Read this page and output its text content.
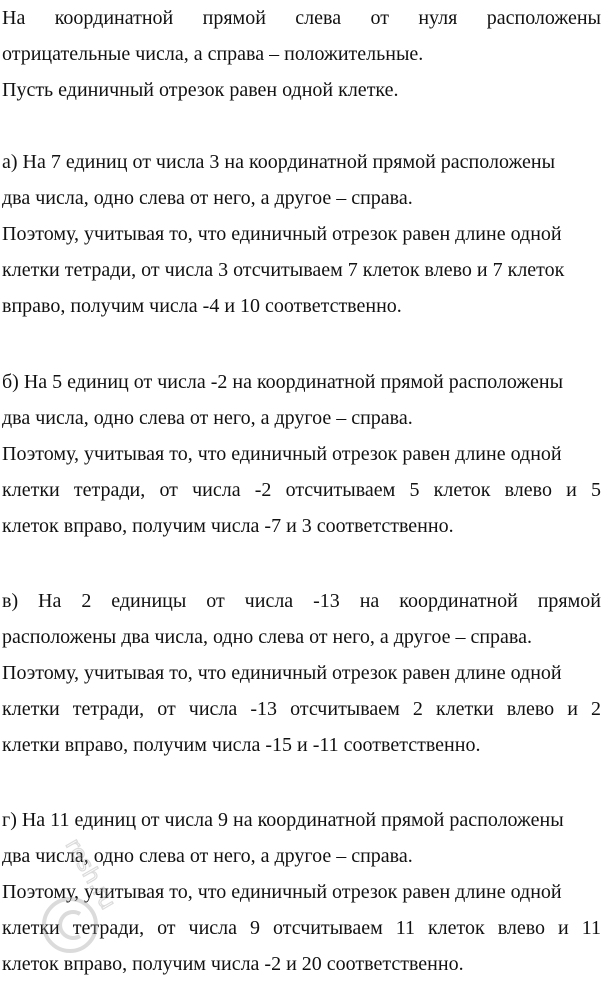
На координатной прямой слева от нуля расположены
отрицательные числа, а справа – положительные.
Пусть единичный отрезок равен одной клетке.
а) На 7 единиц от числа 3 на координатной прямой расположены
два числа, одно слева от него, а другое – справа.
Поэтому, учитывая то, что единичный отрезок равен длине одной
клетки тетради, от числа 3 отсчитываем 7 клеток влево и 7 клеток
вправо, получим числа -4 и 10 соответственно.
б) На 5 единиц от числа -2 на координатной прямой расположены
два числа, одно слева от него, а другое – справа.
Поэтому, учитывая то, что единичный отрезок равен длине одной
клетки тетради, от числа -2 отсчитываем 5 клеток влево и 5
клеток вправо, получим числа -7 и 3 соответственно.
в) На 2 единицы от числа -13 на координатной прямой
расположены два числа, одно слева от него, а другое – справа.
Поэтому, учитывая то, что единичный отрезок равен длине одной
клетки тетради, от числа -13 отсчитываем 2 клетки влево и 2
клетки вправо, получим числа -15 и -11 соответственно.
г) На 11 единиц от числа 9 на координатной прямой расположены
два числа, одно слева от него, а другое – справа.
Поэтому, учитывая то, что единичный отрезок равен длине одной
клетки тетради, от числа 9 отсчитываем 11 клеток влево и 11
клеток вправо, получим числа -2 и 20 соответственно.
resh.ru
